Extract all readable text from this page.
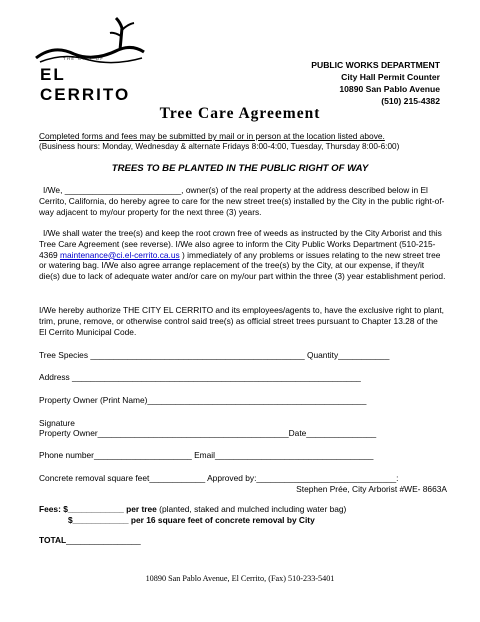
THE CITY OF
EL CERRITO
PUBLIC WORKS DEPARTMENT
City Hall Permit Counter
10890 San Pablo Avenue
(510) 215-4382
Tree Care Agreement
Completed forms and fees may be submitted by mail or in person at the location listed above.
(Business hours: Monday, Wednesday & alternate Fridays 8:00-4:00, Tuesday, Thursday 8:00-6:00)
TREES TO BE PLANTED IN THE PUBLIC RIGHT OF WAY
I/We, _________________________, owner(s) of the real property at the address described below in El Cerrito, California, do hereby agree to care for the new street tree(s) installed by the City in the public right-of-way adjacent to my/our property for the next three (3) years.
I/We shall water the tree(s) and keep the root crown free of weeds as instructed by the City Arborist and this Tree Care Agreement (see reverse). I/We also agree to inform the City Public Works Department (510-215-4369 maintenance@ci.el-cerrito.ca.us ) immediately of any problems or issues relating to the new street tree or watering bag. I/We also agree arrange replacement of the tree(s) by the City, at our expense, if they/it die(s) due to lack of adequate water and/or care on my/our part within the three (3) year establishment period.
I/We hereby authorize THE CITY EL CERRITO and its employees/agents to, have the exclusive right to plant, trim, prune, remove, or otherwise control said tree(s) as official street trees pursuant to Chapter 13.28 of the El Cerrito Municipal Code.
Tree Species ______________________________________________ Quantity___________
Address ______________________________________________________________
Property Owner (Print Name)_______________________________________________
Signature
Property Owner_________________________________________Date_______________
Phone number_____________________ Email__________________________________
Concrete removal square feet____________ Approved by:______________________________:
Stephen Prée, City Arborist #WE- 8663A
Fees: $____________ per tree (planted, staked and mulched including water bag)
$____________ per 16 square feet of concrete removal by City
TOTAL________________
10890 San Pablo Avenue, El Cerrito, (Fax) 510-233-5401
